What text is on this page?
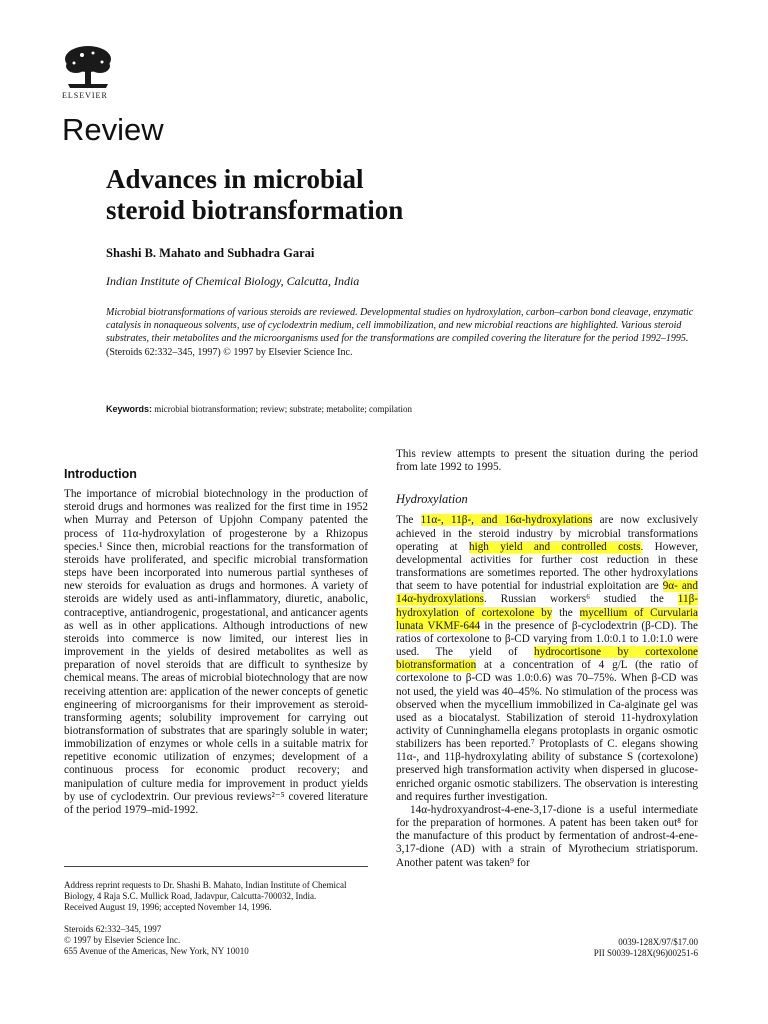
ELSEVIER
Review
Advances in microbial
steroid biotransformation
Shashi B. Mahato and Subhadra Garai
Indian Institute of Chemical Biology, Calcutta, India
Microbial biotransformations of various steroids are reviewed. Developmental studies on hydroxylation, carbon–carbon bond cleavage, enzymatic catalysis in nonaqueous solvents, use of cyclodextrin medium, cell immobilization, and new microbial reactions are highlighted. Various steroid substrates, their metabolites and the microorganisms used for the transformations are compiled covering the literature for the period 1992–1995. (Steroids 62:332–345, 1997) © 1997 by Elsevier Science Inc.
Keywords: microbial biotransformation; review; substrate; metabolite; compilation
Introduction

The importance of microbial biotechnology in the production of steroid drugs and hormones was realized for the first time in 1952 when Murray and Peterson of Upjohn Company patented the process of 11α-hydroxylation of progesterone by a Rhizopus species.¹ Since then, microbial reactions for the transformation of steroids have proliferated, and specific microbial transformation steps have been incorporated into numerous partial syntheses of new steroids for evaluation as drugs and hormones. A variety of steroids are widely used as anti-inflammatory, diuretic, anabolic, contraceptive, antiandrogenic, progestational, and anticancer agents as well as in other applications. Although introductions of new steroids into commerce is now limited, our interest lies in improvement in the yields of desired metabolites as well as preparation of novel steroids that are difficult to synthesize by chemical means. The areas of microbial biotechnology that are now receiving attention are: application of the newer concepts of genetic engineering of microorganisms for their improvement as steroid-transforming agents; solubility improvement for carrying out biotransformation of substrates that are sparingly soluble in water; immobilization of enzymes or whole cells in a suitable matrix for repetitive economic utilization of enzymes; development of a continuous process for economic product recovery; and manipulation of culture media for improvement in product yields by use of cyclodextrin. Our previous reviews²⁻⁵ covered literature of the period 1979–mid-1992.

Address reprint requests to Dr. Shashi B. Mahato, Indian Institute of Chemical Biology, 4 Raja S.C. Mullick Road, Jadavpur, Calcutta-700032, India.
Received August 19, 1996; accepted November 14, 1996.

This review attempts to present the situation during the period from late 1992 to 1995.

Hydroxylation

The 11α-, 11β-, and 16α-hydroxylations are now exclusively achieved in the steroid industry by microbial transformations operating at high yield and controlled costs. However, developmental activities for further cost reduction in these transformations are sometimes reported. The other hydroxylations that seem to have potential for industrial exploitation are 9α- and 14α-hydroxylations. Russian workers⁶ studied the 11β-hydroxylation of cortexolone by the mycellium of Curvularia lunata VKMF-644 in the presence of β-cyclodextrin (β-CD). The ratios of cortexolone to β-CD varying from 1.0:0.1 to 1.0:1.0 were used. The yield of hydrocortisone by cortexolone biotransformation at a concentration of 4 g/L (the ratio of cortexolone to β-CD was 1.0:0.6) was 70–75%. When β-CD was not used, the yield was 40–45%. No stimulation of the process was observed when the mycellium immobilized in Ca-alginate gel was used as a biocatalyst. Stabilization of steroid 11-hydroxylation activity of Cunninghamella elegans protoplasts in organic osmotic stabilizers has been reported.⁷ Protoplasts of C. elegans showing 11α-, and 11β-hydroxylating ability of substance S (cortexolone) preserved high transformation activity when dispersed in glucose-enriched organic osmotic stabilizers. The observation is interesting and requires further investigation.

14α-hydroxyandrost-4-ene-3,17-dione is a useful intermediate for the preparation of hormones. A patent has been taken out⁸ for the manufacture of this product by fermentation of androst-4-ene-3,17-dione (AD) with a strain of Myrothecium striatisporum. Another patent was taken⁹ for

Steroids 62:332–345, 1997
© 1997 by Elsevier Science Inc.
655 Avenue of the Americas, New York, NY 10010
0039-128X/97/$17.00
PII S0039-128X(96)00251-6
